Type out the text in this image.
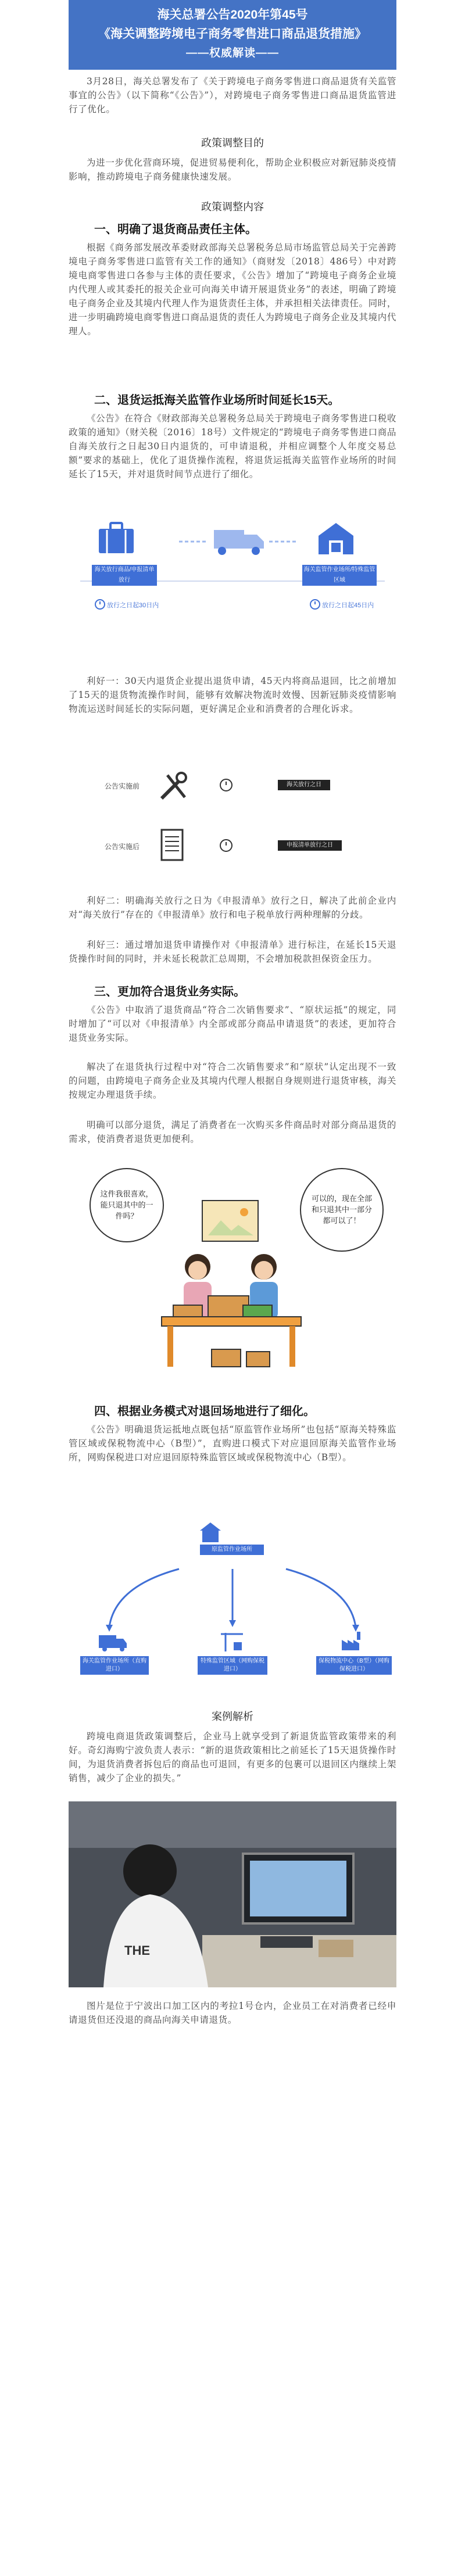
海关总署公告2020年第45号
《海关调整跨境电子商务零售进口商品退货措施》
——权威解读——

3月28日，海关总署发布了《关于跨境电子商务零售进口商品退货有关监管事宜的公告》（以下简称“《公告》”），对跨境电子商务零售进口商品退货监管进行了优化。

政策调整目的

为进一步优化营商环境，促进贸易便利化，帮助企业积极应对新冠肺炎疫情影响，推动跨境电子商务健康快速发展。

政策调整内容
一、明确了退货商品责任主体。

根据《商务部发展改革委财政部海关总署税务总局市场监管总局关于完善跨境电子商务零售进口监管有关工作的通知》（商财发〔2018〕486号）中对跨境电商零售进口各参与主体的责任要求，《公告》增加了“跨境电子商务企业境内代理人或其委托的报关企业可向海关申请开展退货业务”的表述，明确了跨境电子商务企业及其境内代理人作为退货责任主体，并承担相关法律责任。同时，进一步明确跨境电商零售进口商品退货的责任人为跨境电子商务企业及其境内代理人。

二、退货运抵海关监管作业场所时间延长15天。

《公告》在符合《财政部海关总署税务总局关于跨境电子商务零售进口税收政策的通知》（财关税〔2016〕18号）文件规定的“跨境电子商务零售进口商品自海关放行之日起30日内退货的，可申请退税，并相应调整个人年度交易总额”要求的基础上，优化了退货操作流程，将退货运抵海关监管作业场所的时间延长了15天，并对退货时间节点进行了细化。

海关放行商品/申报清单放行
放行之日起30日内
海关监管作业场所/特殊监管区域
放行之日起45日内

利好一：30天内退货企业提出退货申请，45天内将商品退回，比之前增加了15天的退货物流操作时间，能够有效解决物流时效慢、因新冠肺炎疫情影响物流运送时间延长的实际问题，更好满足企业和消费者的合理化诉求。

公告实施前	海关放行之日
公告实施后	申报清单放行之日

利好二：明确海关放行之日为《申报清单》放行之日，解决了此前企业内对“海关放行”存在的《申报清单》放行和电子税单放行两种理解的分歧。

利好三：通过增加退货申请操作对《申报清单》进行标注，在延长15天退货操作时间的同时，并未延长税款汇总周期，不会增加税款担保资金压力。

三、更加符合退货业务实际。

《公告》中取消了退货商品“符合二次销售要求”、“原状运抵”的规定，同时增加了“可以对《申报清单》内全部或部分商品申请退货”的表述，更加符合退货业务实际。

解决了在退货执行过程中对“符合二次销售要求”和“原状”认定出现不一致的问题，由跨境电子商务企业及其境内代理人根据自身规则进行退货审核，海关按规定办理退货手续。

明确可以部分退货，满足了消费者在一次购买多件商品时对部分商品退货的需求，使消费者退货更加便利。

这件我很喜欢，能只退其中的一件吗？
可以的，现在全部和只退其中一部分都可以了！
四、根据业务模式对退回场地进行了细化。

《公告》明确退货运抵地点既包括“原监管作业场所”也包括“原海关特殊监管区域或保税物流中心（B型）”，直购进口模式下对应退回原海关监管作业场所，网购保税进口对应退回原特殊监管区域或保税物流中心（B型）。

原监管作业场所
海关监管作业场所（直购进口）
特殊监管区域（网购保税进口）
保税物流中心（B型）（网购保税进口）
案例解析

跨境电商退货政策调整后，企业马上就享受到了新退货监管政策带来的利好。奇幻海购宁波负责人表示：“新的退货政策相比之前延长了15天退货操作时间，为退货消费者拆包后的商品也可退回，有更多的包裹可以退回区内继续上架销售，减少了企业的损失。”

THE

图片是位于宁波出口加工区内的考拉1号仓内，企业员工在对消费者已经申请退货但还没退的商品向海关申请退货。
